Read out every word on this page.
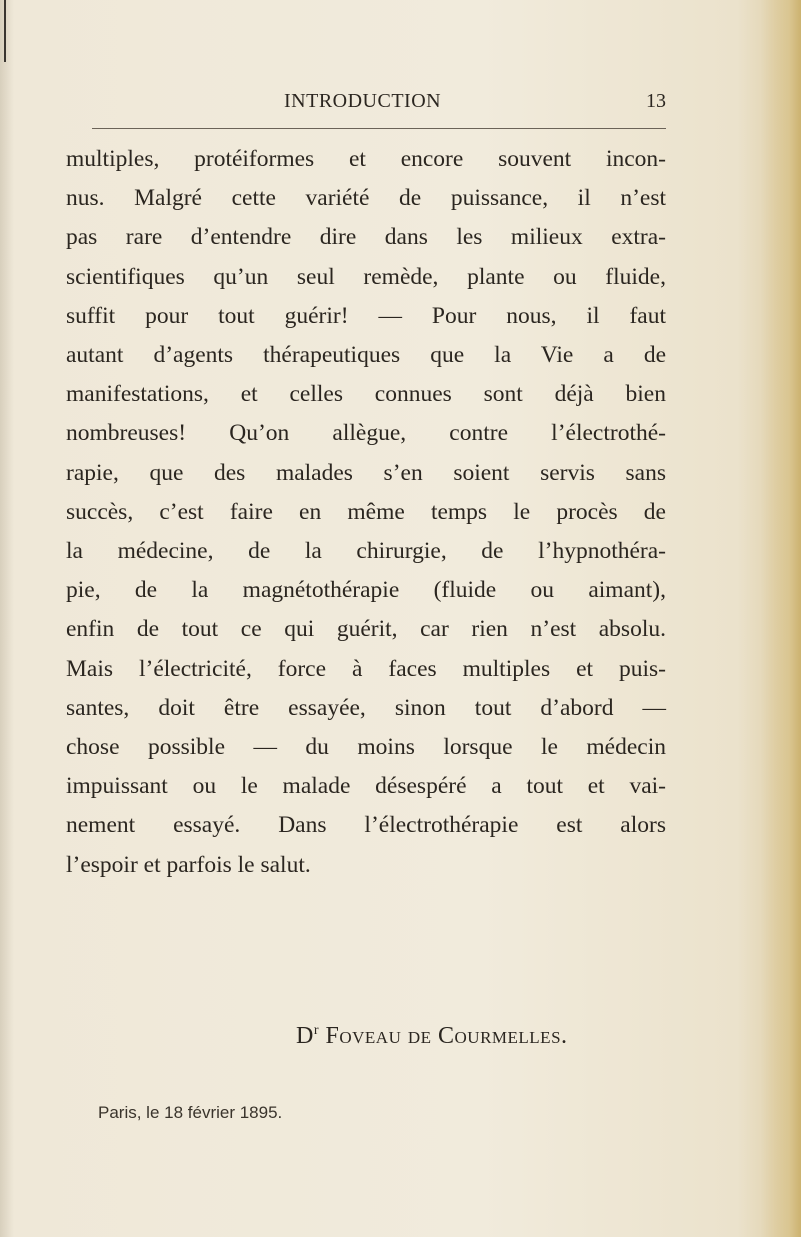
INTRODUCTION	13
multiples, protéiformes et encore souvent incon-
nus. Malgré cette variété de puissance, il n’est
pas rare d’entendre dire dans les milieux extra-
scientifiques qu’un seul remède, plante ou fluide,
suffit pour tout guérir! — Pour nous, il faut
autant d’agents thérapeutiques que la Vie a de
manifestations, et celles connues sont déjà bien
nombreuses! Qu’on allègue, contre l’électrothé-
rapie, que des malades s’en soient servis sans
succès, c’est faire en même temps le procès de
la médecine, de la chirurgie, de l’hypnothéra-
pie, de la magnétothérapie (fluide ou aimant),
enfin de tout ce qui guérit, car rien n’est absolu.
Mais l’électricité, force à faces multiples et puis-
santes, doit être essayée, sinon tout d’abord —
chose possible — du moins lorsque le médecin
impuissant ou le malade désespéré a tout et vai-
nement essayé. Dans l’électrothérapie est alors
l’espoir et parfois le salut.
$D^r$ Foveau de Courmelles.
Paris, le 18 février 1895.
